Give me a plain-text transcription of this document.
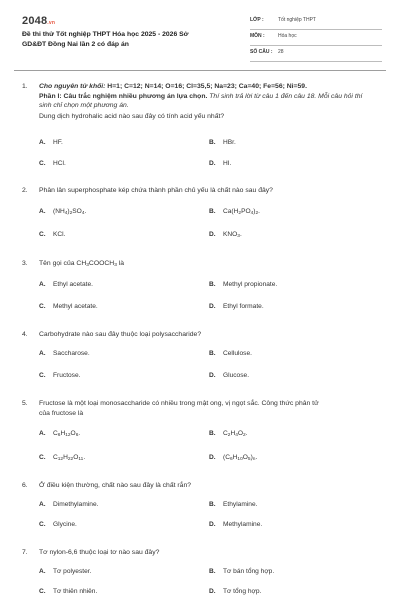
2048.vn
Đề thi thử Tốt nghiệp THPT Hóa học 2025 - 2026 Sở
GD&ĐT Đồng Nai lần 2 có đáp án
LỚP :	Tốt nghiệp THPT
MÔN :	Hóa học
SỐ CÂU : 28
1. Cho nguyên tử khối: H=1; C=12; N=14; O=16; Cl=35,5; Na=23; Ca=40; Fe=56; Ni=59.

Phần I: Câu trắc nghiệm nhiều phương án lựa chọn. Thí sinh trả lời từ câu 1 đến câu 18. Mỗi câu hỏi thí sinh chỉ chọn một phương án.

Dung dịch hydrohalic acid nào sau đây có tính acid yếu nhất?

A. HF.	B. HBr.
C. HCl.	D. HI.
2. Phân lân superphosphate kép chứa thành phần chủ yếu là chất nào sau đây?

A. $(NH_4)_2SO_4$.	B. $Ca(H_2PO_4)_2$.
C. KCl.	D. $KNO_3$.
3. Tên gọi của $CH_3COOCH_3$ là

A. Ethyl acetate.	B. Methyl propionate.
C. Methyl acetate.	D. Ethyl formate.
4. Carbohydrate nào sau đây thuộc loại polysaccharide?

A. Saccharose.	B. Cellulose.
C. Fructose.	D. Glucose.
5. Fructose là một loại monosaccharide có nhiều trong mật ong, vị ngọt sắc. Công thức phân tử

của fructose là

A. $C_6H_{12}O_6$.	B. $C_2H_4O_2$.
C. $C_{12}H_{22}O_{11}$.	D. $(C_6H_{10}O_5)_n$.
6. Ở điều kiện thường, chất nào sau đây là chất rắn?

A. Dimethylamine.	B. Ethylamine.
C. Glycine.	D. Methylamine.
7. Tơ nylon-6,6 thuộc loại tơ nào sau đây?

A. Tơ polyester.	B. Tơ bán tổng hợp.
C. Tơ thiên nhiên.	D. Tơ tổng hợp.
